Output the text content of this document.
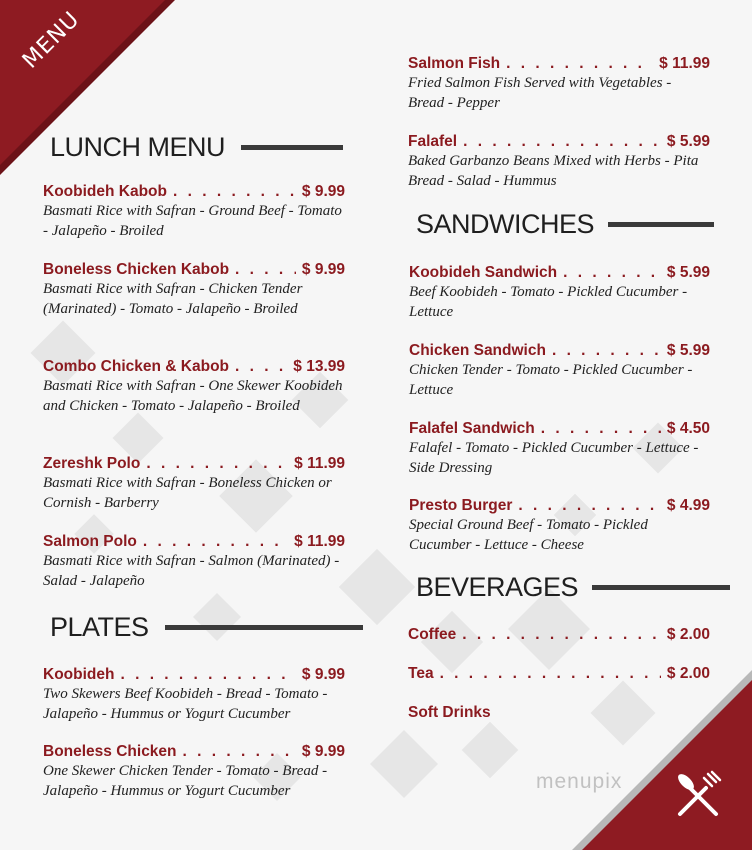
MENU
menupix
LUNCH MENU
Koobideh Kabob . . .	$ 9.99
Basmati Rice with Safran - Ground Beef - Tomato - Jalapeño - Broiled
Boneless Chicken Kabob . . .	$ 9.99
Basmati Rice with Safran - Chicken Tender (Marinated) - Tomato - Jalapeño - Broiled
Combo Chicken & Kabob . . .	$ 13.99
Basmati Rice with Safran - One Skewer Koobideh and Chicken - Tomato - Jalapeño - Broiled
Zereshk Polo . . .	$ 11.99
Basmati Rice with Safran - Boneless Chicken or Cornish - Barberry
Salmon Polo . . .	$ 11.99
Basmati Rice with Safran - Salmon (Marinated) - Salad - Jalapeño
PLATES
Koobideh . . .	$ 9.99
Two Skewers Beef Koobideh - Bread - Tomato - Jalapeño - Hummus or Yogurt Cucumber
Boneless Chicken . . .	$ 9.99
One Skewer Chicken Tender - Tomato - Bread - Jalapeño - Hummus or Yogurt Cucumber
Salmon Fish . . .	$ 11.99
Fried Salmon Fish Served with Vegetables - Bread - Pepper
Falafel . . .	$ 5.99
Baked Garbanzo Beans Mixed with Herbs - Pita Bread - Salad - Hummus
SANDWICHES
Koobideh Sandwich . . .	$ 5.99
Beef Koobideh - Tomato - Pickled Cucumber - Lettuce
Chicken Sandwich . . .	$ 5.99
Chicken Tender - Tomato - Pickled Cucumber - Lettuce
Falafel Sandwich . . .	$ 4.50
Falafel - Tomato - Pickled Cucumber - Lettuce - Side Dressing
Presto Burger . . .	$ 4.99
Special Ground Beef - Tomato - Pickled Cucumber - Lettuce - Cheese
BEVERAGES
Coffee . . .	$ 2.00
Tea . . .	$ 2.00
Soft Drinks
